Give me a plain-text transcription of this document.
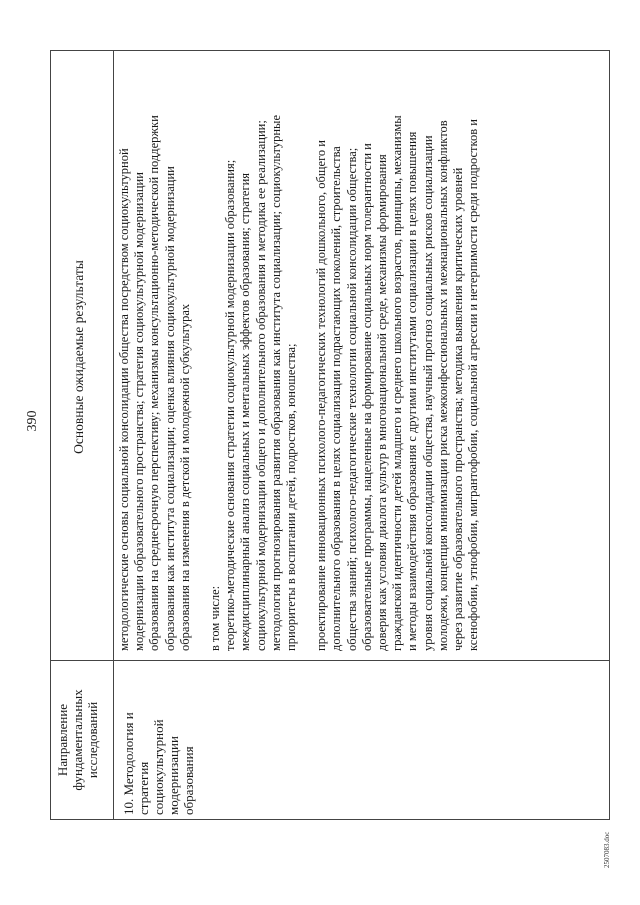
390
Направление фундаментальных исследований
Основные ожидаемые результаты
10. Методология и стратегия социокультурной модернизации образования
методологические основы социальной консолидации общества посредством социокультурной модернизации образовательного пространства; стратегия социокультурной модернизации образования на среднесрочную перспективу; механизмы консультационно-методической поддержки образования как института социализации; оценка влияния социокультурной модернизации образования на изменения в детской и молодежной субкультурах в том числе: теоретико-методические основания стратегии социокультурной модернизации образования; междисциплинарный анализ социальных и ментальных эффектов образования; стратегия социокультурной модернизации общего и дополнительного образования и методика ее реализации; методология прогнозирования развития образования как института социализации; социокультурные приоритеты в воспитании детей, подростков, юношества; проектирование инновационных психолого-педагогических технологий дошкольного, общего и дополнительного образования в целях социализации подрастающих поколений, строительства общества знаний; психолого-педагогические технологии социальной консолидации общества; образовательные программы, нацеленные на формирование социальных норм толерантности и доверия как условия диалога культур в многонациональной среде, механизмы формирования гражданской идентичности детей младшего и среднего школьного возрастов, принципы, механизмы и методы взаимодействия образования с другими институтами социализации в целях повышения уровня социальной консолидации общества, научный прогноз социальных рисков социализации молодежи, концепция минимизации риска межконфессиональных и межнациональных конфликтов через развитие образовательного пространства; методика выявления критических уровней ксенофобии, этнофобии, мигрантофобии, социальной агрессии и нетерпимости среди подростков и
2507083.doc
